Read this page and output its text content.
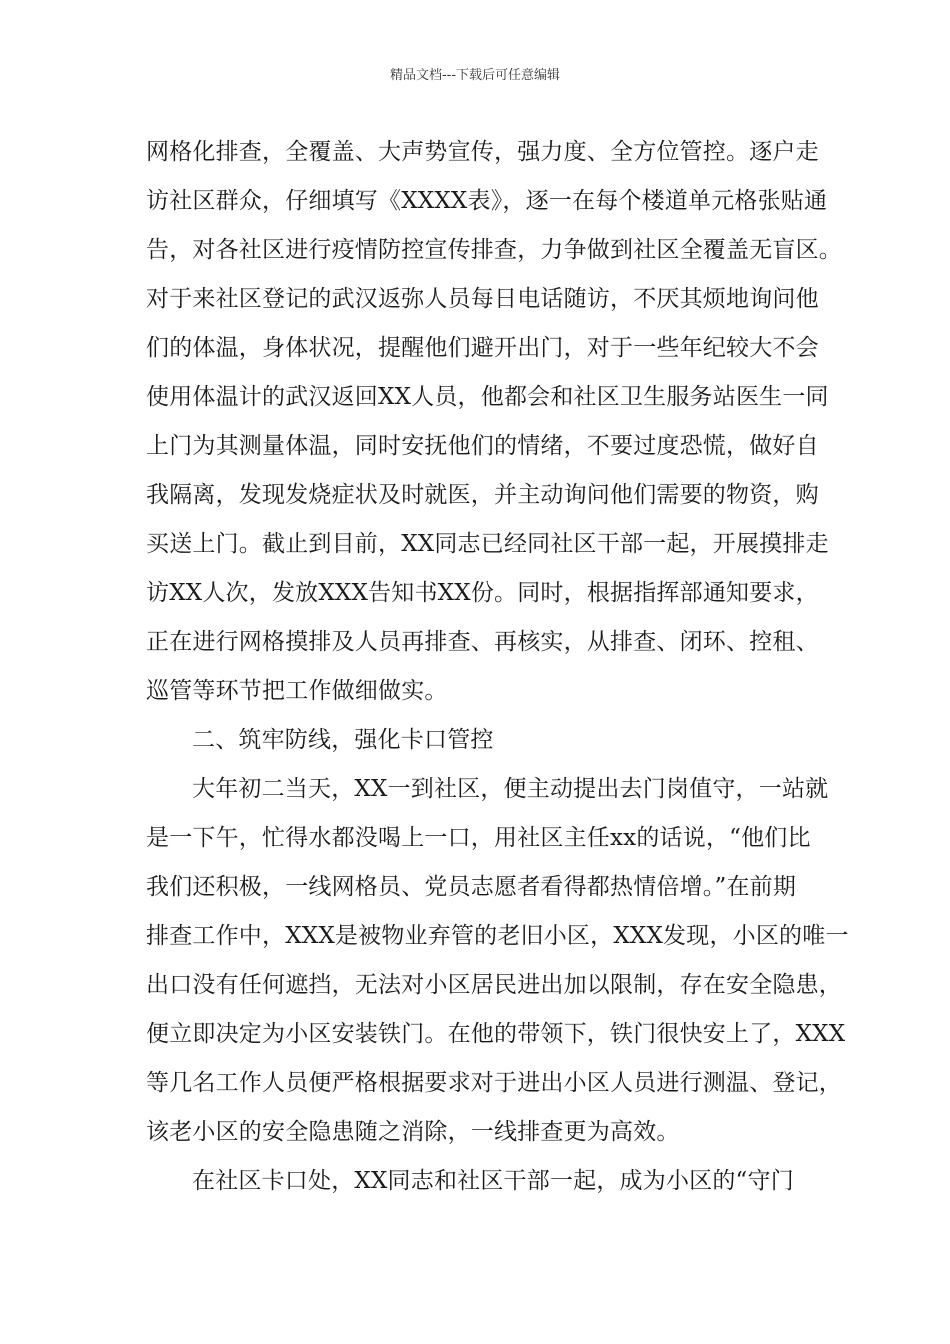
精品文档---下载后可任意编辑
网格化排查，全覆盖、大声势宣传，强力度、全方位管控。逐户走
访社区群众，仔细填写《XXXX表》，逐一在每个楼道单元格张贴通
告，对各社区进行疫情防控宣传排查，力争做到社区全覆盖无盲区。
对于来社区登记的武汉返弥人员每日电话随访，不厌其烦地询问他
们的体温，身体状况，提醒他们避开出门，对于一些年纪较大不会
使用体温计的武汉返回XX人员，他都会和社区卫生服务站医生一同
上门为其测量体温，同时安抚他们的情绪，不要过度恐慌，做好自
我隔离，发现发烧症状及时就医，并主动询问他们需要的物资，购
买送上门。截止到目前，XX同志已经同社区干部一起，开展摸排走
访XX人次，发放XXX告知书XX份。同时，根据指挥部通知要求，
正在进行网格摸排及人员再排查、再核实，从排查、闭环、控租、
巡管等环节把工作做细做实。
二、筑牢防线，强化卡口管控
大年初二当天，XX一到社区，便主动提出去门岗值守，一站就
是一下午，忙得水都没喝上一口，用社区主任xx的话说，“他们比
我们还积极，一线网格员、党员志愿者看得都热情倍增。”在前期
排查工作中，XXX是被物业弃管的老旧小区，XXX发现，小区的唯一
出口没有任何遮挡，无法对小区居民进出加以限制，存在安全隐患，
便立即决定为小区安装铁门。在他的带领下，铁门很快安上了，XXX
等几名工作人员便严格根据要求对于进出小区人员进行测温、登记，
该老小区的安全隐患随之消除，一线排查更为高效。
在社区卡口处，XX同志和社区干部一起，成为小区的“守门
